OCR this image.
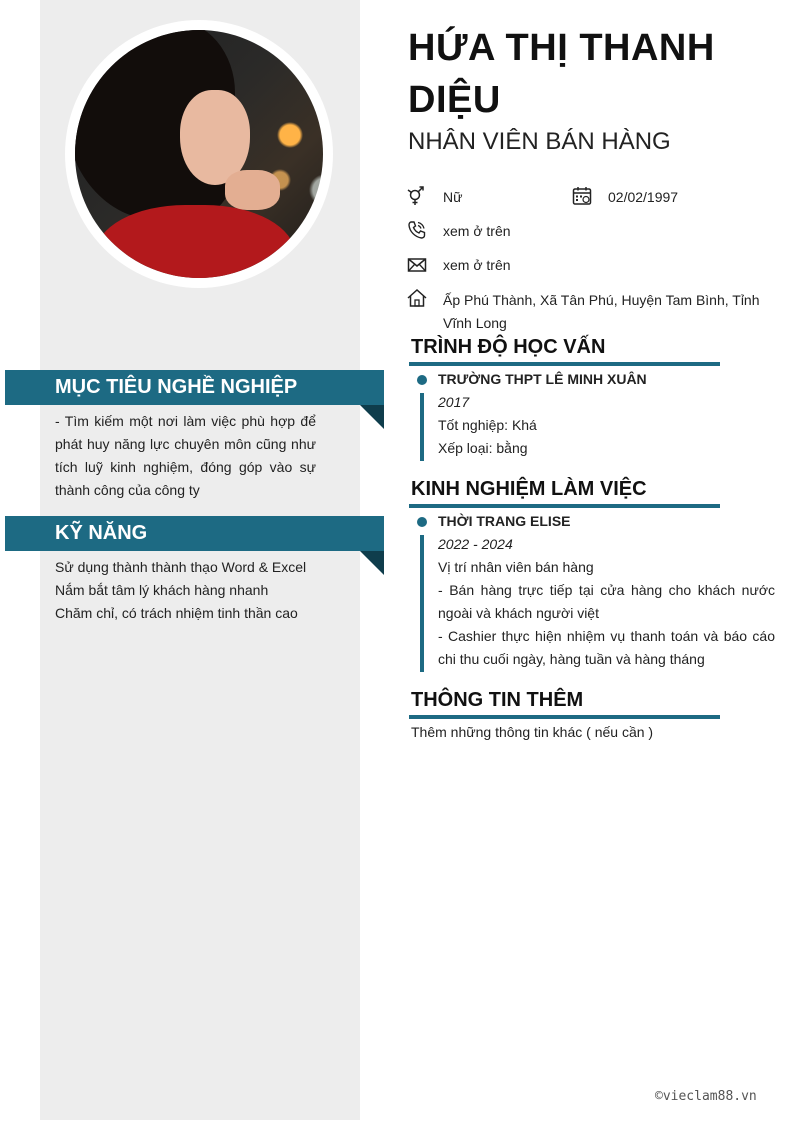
MỤC TIÊU NGHỀ NGHIỆP
- Tìm kiếm một nơi làm việc phù hợp để phát huy năng lực chuyên môn cũng như tích luỹ kinh nghiệm, đóng góp vào sự thành công của công ty
KỸ NĂNG
Sử dụng thành thành thạo Word & Excel
Nắm bắt tâm lý khách hàng nhanh
Chăm chỉ, có trách nhiệm tinh thần cao
HỨA THỊ THANH DIỆU
NHÂN VIÊN BÁN HÀNG
Nữ	02/02/1997
xem ở trên
xem ở trên
Ấp Phú Thành, Xã Tân Phú, Huyện Tam Bình, Tỉnh Vĩnh Long
TRÌNH ĐỘ HỌC VẤN
TRƯỜNG THPT LÊ MINH XUÂN
2017
Tốt nghiệp: Khá
Xếp loại: bằng
KINH NGHIỆM LÀM VIỆC
THỜI TRANG ELISE
2022 - 2024
Vị trí nhân viên bán hàng
- Bán hàng trực tiếp tại cửa hàng cho khách nước ngoài và khách người việt
- Cashier thực hiện nhiệm vụ thanh toán và báo cáo chi thu cuối ngày, hàng tuần và hàng tháng
THÔNG TIN THÊM
Thêm những thông tin khác ( nếu cần )
©vieclam88.vn
